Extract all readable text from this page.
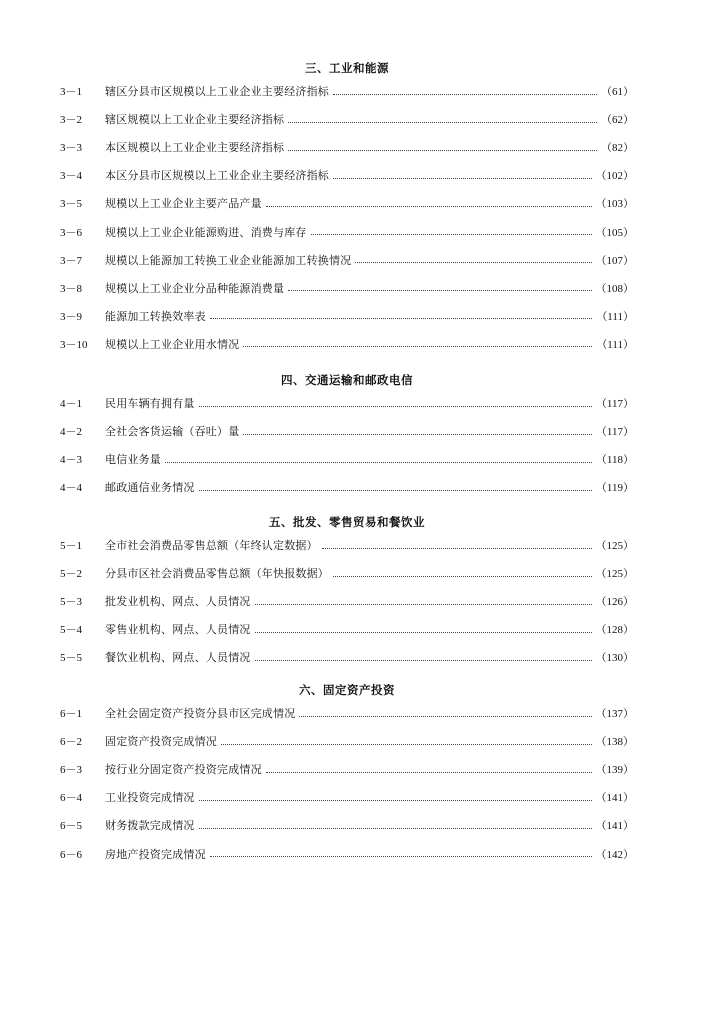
三、工业和能源
3－1	辖区分县市区规模以上工业企业主要经济指标	（61）
3－2	辖区规模以上工业企业主要经济指标	（62）
3－3	本区规模以上工业企业主要经济指标	（82）
3－4	本区分县市区规模以上工业企业主要经济指标	（102）
3－5	规模以上工业企业主要产品产量	（103）
3－6	规模以上工业企业能源购进、消费与库存	（105）
3－7	规模以上能源加工转换工业企业能源加工转换情况	（107）
3－8	规模以上工业企业分品种能源消费量	（108）
3－9	能源加工转换效率表	（111）
3－10	规模以上工业企业用水情况	（111）
四、交通运输和邮政电信
4－1	民用车辆有拥有量	（117）
4－2	全社会客货运输（吞吐）量	（117）
4－3	电信业务量	（118）
4－4	邮政通信业务情况	（119）
五、批发、零售贸易和餐饮业
5－1	全市社会消费品零售总额（年终认定数据）	（125）
5－2	分县市区社会消费品零售总额（年快报数据）	（125）
5－3	批发业机构、网点、人员情况	（126）
5－4	零售业机构、网点、人员情况	（128）
5－5	餐饮业机构、网点、人员情况	（130）
六、固定资产投资
6－1	全社会固定资产投资分县市区完成情况	（137）
6－2	固定资产投资完成情况	（138）
6－3	按行业分固定资产投资完成情况	（139）
6－4	工业投资完成情况	（141）
6－5	财务拨款完成情况	（141）
6－6	房地产投资完成情况	（142）
